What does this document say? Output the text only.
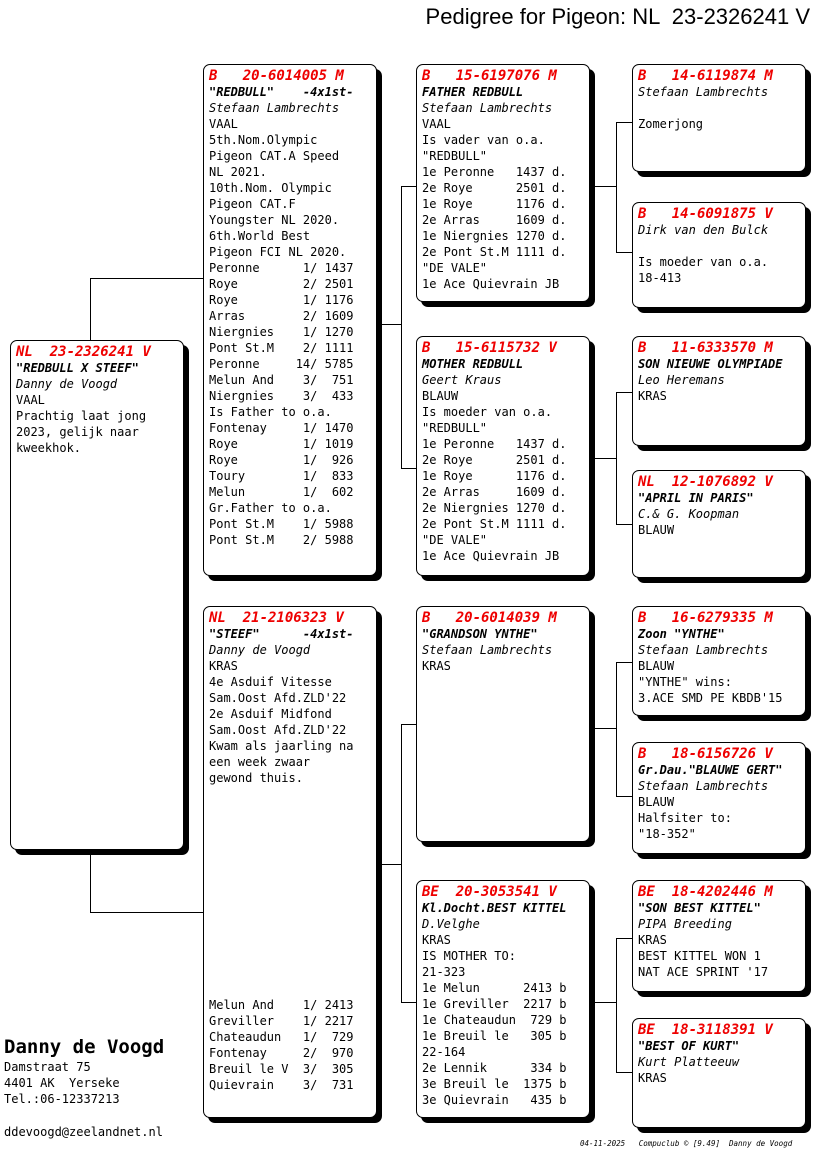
Pedigree for Pigeon: NL  23-2326241 V
NL  23-2326241 V
"REDBULL X STEEF"
Danny de Voogd
VAAL
Prachtig laat jong
2023, gelijk naar
kweekhok.
B   20-6014005 M
"REDBULL"    -4x1st-
Stefaan Lambrechts
VAAL
5th.Nom.Olympic
Pigeon CAT.A Speed
NL 2021.
10th.Nom. Olympic
Pigeon CAT.F
Youngster NL 2020.
6th.World Best
Pigeon FCI NL 2020.
Peronne      1/ 1437
Roye         2/ 2501
Roye         1/ 1176
Arras        2/ 1609
Niergnies    1/ 1270
Pont St.M    2/ 1111
Peronne     14/ 5785
Melun And    3/  751
Niergnies    3/  433
Is Father to o.a.
Fontenay     1/ 1470
Roye         1/ 1019
Roye         1/  926
Toury        1/  833
Melun        1/  602
Gr.Father to o.a.
Pont St.M    1/ 5988
Pont St.M    2/ 5988
NL  21-2106323 V
"STEEF"      -4x1st-
Danny de Voogd
KRAS
4e Asduif Vitesse
Sam.Oost Afd.ZLD'22
2e Asduif Midfond
Sam.Oost Afd.ZLD'22
Kwam als jaarling na
een week zwaar
gewond thuis.
Melun And    1/ 2413
Greviller    1/ 2217
Chateaudun   1/  729
Fontenay     2/  970
Breuil le V  3/  305
Quievrain    3/  731
B   15-6197076 M
FATHER REDBULL
Stefaan Lambrechts
VAAL
Is vader van o.a.
"REDBULL"
1e Peronne   1437 d.
2e Roye      2501 d.
1e Roye      1176 d.
2e Arras     1609 d.
1e Niergnies 1270 d.
2e Pont St.M 1111 d.
"DE VALE"
1e Ace Quievrain JB
B   15-6115732 V
MOTHER REDBULL
Geert Kraus
BLAUW
Is moeder van o.a.
"REDBULL"
1e Peronne   1437 d.
2e Roye      2501 d.
1e Roye      1176 d.
2e Arras     1609 d.
2e Niergnies 1270 d.
2e Pont St.M 1111 d.
"DE VALE"
1e Ace Quievrain JB
B   20-6014039 M
"GRANDSON YNTHE"
Stefaan Lambrechts
KRAS
BE  20-3053541 V
Kl.Docht.BEST KITTEL
D.Velghe
KRAS
IS MOTHER TO:
21-323
1e Melun      2413 b
1e Greviller  2217 b
1e Chateaudun  729 b
1e Breuil le   305 b
22-164
2e Lennik      334 b
3e Breuil le  1375 b
3e Quievrain   435 b
B   14-6119874 M
Stefaan Lambrechts
Zomerjong
B   14-6091875 V
Dirk van den Bulck
Is moeder van o.a.
18-413
B   11-6333570 M
SON NIEUWE OLYMPIADE
Leo Heremans
KRAS
NL  12-1076892 V
"APRIL IN PARIS"
C.& G. Koopman
BLAUW
B   16-6279335 M
Zoon "YNTHE"
Stefaan Lambrechts
BLAUW
"YNTHE" wins:
3.ACE SMD PE KBDB'15
B   18-6156726 V
Gr.Dau."BLAUWE GERT"
Stefaan Lambrechts
BLAUW
Halfsiter to:
"18-352"
BE  18-4202446 M
"SON BEST KITTEL"
PIPA Breeding
KRAS
BEST KITTEL WON 1
NAT ACE SPRINT '17
BE  18-3118391 V
"BEST OF KURT"
Kurt Platteeuw
KRAS
Danny de Voogd
Damstraat 75
4401 AK  Yerseke
Tel.:06-12337213
ddevoogd@zeelandnet.nl
04-11-2025   Compuclub © [9.49]  Danny de Voogd
